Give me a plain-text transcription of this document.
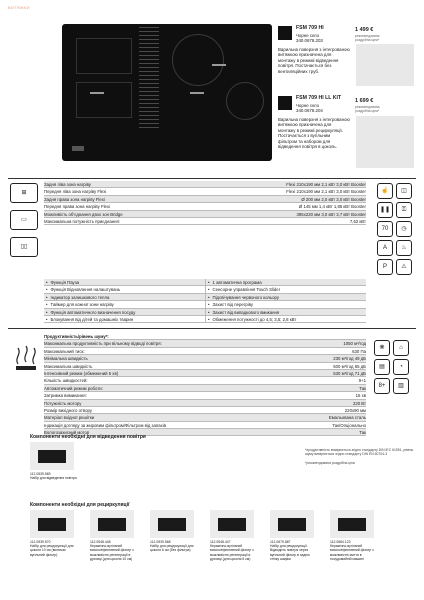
ВИТЯЖКИ
FSM 709 HI
Чорне скло
340.0678.203
Варильна поверхня з інтегрованою витяжкою призначена для монтажу в режимі відведення повітря. Постачається без вентиляційних труб.
1 499 €
рекомендована роздрібна ціна*
FSM 709 HI LL KIT
Чорне скло
340.0678.204
Варильна поверхня з інтегрованою витяжкою призначена для монтажу в режимі рециркуляції. Постачається з вугільним фільтром та набором для відведення повітря в цоколь.
1 699 €
рекомендована роздрібна ціна*
⊞
▭
▯▯
Задня ліва зона нагріву	Flexi 210x190 мм 2,1 кВт 3,0 кВт Booster
Передня ліва зона нагріву Flexi	Flexi 210x190 мм 2,1 кВт 3,0 кВт Booster
Задня права зона нагріву Flexi	Ø 200 мм 2,0 кВт 3,0 кВт Booster
Передня права зона нагріву Flexi	Ø 145 мм 1,4 кВт 1,85 кВт Booster
Можливість об'єднання двох зон Bridge	395x220 мм 3,0 кВт 3,7 кВт Booster
Максимальна потужність приєднання:	7,62 кВт
• Функція Пауза	• 1 автоматична програма
• Функція Відновлення налаштувань	• Сенсорне управління Touch Slider
• Індикатор залишкового тепла	• Підсвічування червоного кольору
• Таймер для кожної зони нагріву	• Захист від перегріву
• Функція автоматичного визначення посуду	• Захист від випадкового вмикання
• Блокування від дітей та домашніх тварин	• Обмеження потужності до 4,5; 3,5; 2,8 кВт
☝	◫
❚❚	⚿
70	◷
A	♨
P	⚠
Продуктивність/рівень шуму*:
Максимальна продуктивність при вільному відводі повітря:	1050 м³/год
Максимальний тиск:	630 Па
Мінімальна швидкість	230 м³/год 49 дБ
Максимальна швидкість	500 м³/год 65 дБ
Інтенсивний режим (обмежений 5 хв)	630 м³/год 71 дБ
Кількість швидкостей:	9+1
Автоматичний режим роботи:	Так
Затримка вимикання:	15 хв
Потужність мотору	220 Вт
Розмір вихідного отвору	220x90 мм
Матеріал вхідної решітки	Емальована сталь
Індикація догляду за жировим фільтром/Фільтром від запахів	Так/Опціонально
Вологозахисний мотор	Так
❋	⌂
▤	◔
8+	▥
*продуктивність вимірюється згідно стандарту DIN IEC 61591, рівень шуму вимірюється згідно стандарту DIN EN 60704-3
*рекомендована роздрібна ціна
Компоненти необхідні для відведення повітря
112.0539.569
Набір для відведення повітря
Компоненти необхідні для рециркуляції
112.0539.570
Набір для рециркуляції для цоколя 10 см (включає вугільний фільтр)
112.0548.448
Керамічно-вугільний високоефективний фільтр з можливістю регенерації в духовці (для цоколя 10 см)
112.0539.568
Набір для рециркуляції для цоколя 6 см (без фільтра)
112.0548.447
Керамічно-вугільний високоефективний фільтр з можливістю регенерації в духовці (для цоколя 6 см)
112.0679.887
Набір для рециркуляції. Відводить повітря через вугільний фільтр в задню стінку шафки
112.0684.123
Керамічно-вугільний високоефективний фільтр з можливістю миття в посудомийній машині
